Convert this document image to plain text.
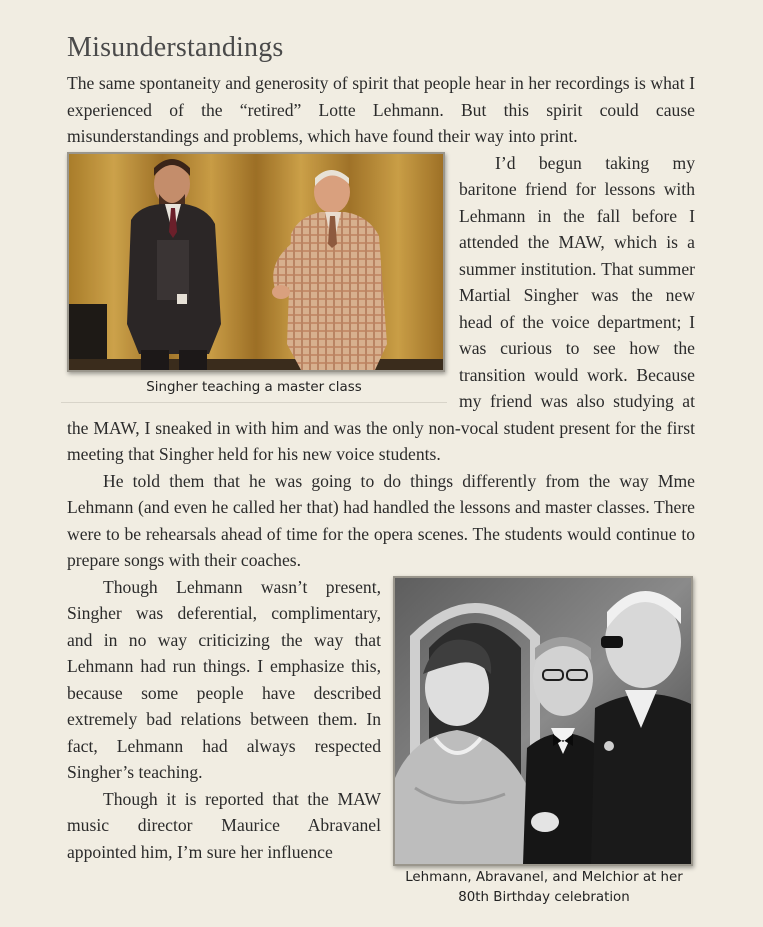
Misunderstandings

The same spontaneity and generosity of spirit that people hear in her recordings is what I experienced of the “retired” Lotte Lehmann. But this spirit could cause misunderstandings and problems, which have found their way into print.

Singher teaching a master class

I’d begun taking my baritone friend for lessons with Lehmann in the fall before I attended the MAW, which is a summer institution. That summer Martial Singher was the new head of the voice department; I was curious to see how the transition would work. Because my friend was also studying at the MAW, I sneaked in with him and was the only non-vocal student present for the first meeting that Singher held for his new voice students.

He told them that he was going to do things differently from the way Mme Lehmann (and even he called her that) had handled the lessons and master classes. There were to be rehearsals ahead of time for the opera scenes. The students would continue to prepare songs with their coaches.

Lehmann, Abravanel, and Melchior at her 80th Birthday celebration

Though Lehmann wasn’t present, Singher was deferential, complimentary, and in no way criticizing the way that Lehmann had run things. I emphasize this, because some people have described extremely bad relations between them. In fact, Lehmann had always respected Singher’s teaching.

Though it is reported that the MAW music director Maurice Abravanel appointed him, I’m sure her influence
